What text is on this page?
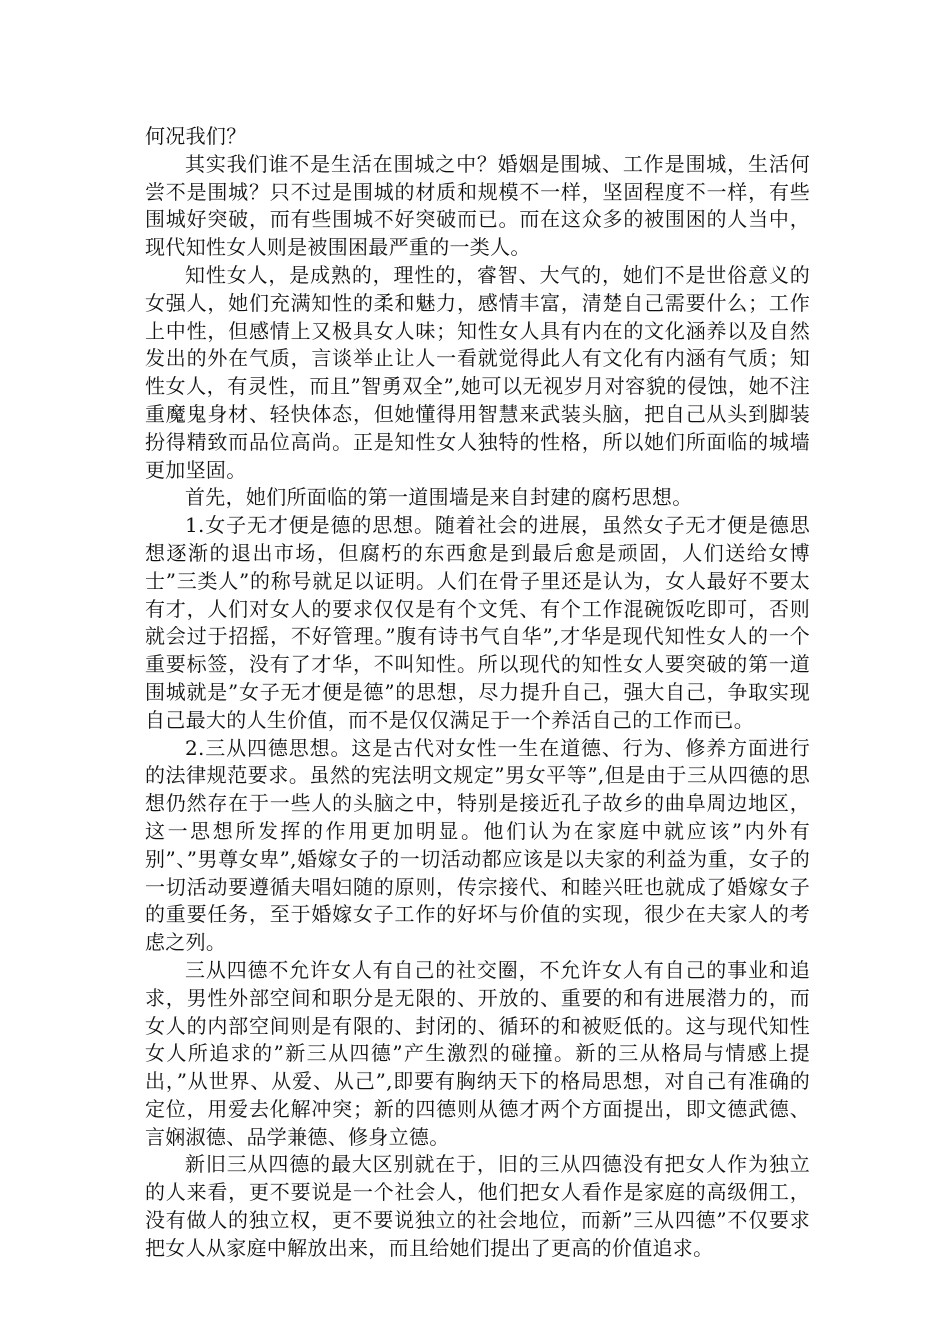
何况我们？

其实我们谁不是生活在围城之中？婚姻是围城、工作是围城，生活何尝不是围城？只不过是围城的材质和规模不一样，坚固程度不一样，有些围城好突破，而有些围城不好突破而已。而在这众多的被围困的人当中，现代知性女人则是被围困最严重的一类人。

知性女人，是成熟的，理性的，睿智、大气的，她们不是世俗意义的女强人，她们充满知性的柔和魅力，感情丰富，清楚自己需要什么；工作上中性，但感情上又极具女人味；知性女人具有内在的文化涵养以及自然发出的外在气质，言谈举止让人一看就觉得此人有文化有内涵有气质；知性女人，有灵性，而且”智勇双全”,她可以无视岁月对容貌的侵蚀，她不注重魔鬼身材、轻快体态，但她懂得用智慧来武装头脑，把自己从头到脚装扮得精致而品位高尚。正是知性女人独特的性格，所以她们所面临的城墙更加坚固。

首先，她们所面临的第一道围墙是来自封建的腐朽思想。

1.女子无才便是德的思想。随着社会的进展，虽然女子无才便是德思想逐渐的退出市场，但腐朽的东西愈是到最后愈是顽固，人们送给女博士”三类人”的称号就足以证明。人们在骨子里还是认为，女人最好不要太有才，人们对女人的要求仅仅是有个文凭、有个工作混碗饭吃即可，否则就会过于招摇，不好管理。”腹有诗书气自华”,才华是现代知性女人的一个重要标签，没有了才华，不叫知性。所以现代的知性女人要突破的第一道围城就是”女子无才便是德”的思想，尽力提升自己，强大自己，争取实现自己最大的人生价值，而不是仅仅满足于一个养活自己的工作而已。

2.三从四德思想。这是古代对女性一生在道德、行为、修养方面进行的法律规范要求。虽然的宪法明文规定”男女平等”,但是由于三从四德的思想仍然存在于一些人的头脑之中，特别是接近孔子故乡的曲阜周边地区，这一思想所发挥的作用更加明显。他们认为在家庭中就应该”内外有别”、”男尊女卑”,婚嫁女子的一切活动都应该是以夫家的利益为重，女子的一切活动要遵循夫唱妇随的原则，传宗接代、和睦兴旺也就成了婚嫁女子的重要任务，至于婚嫁女子工作的好坏与价值的实现，很少在夫家人的考虑之列。

三从四德不允许女人有自己的社交圈，不允许女人有自己的事业和追求，男性外部空间和职分是无限的、开放的、重要的和有进展潜力的，而女人的内部空间则是有限的、封闭的、循环的和被贬低的。这与现代知性女人所追求的”新三从四德”产生激烈的碰撞。新的三从格局与情感上提出，”从世界、从爱、从己”,即要有胸纳天下的格局思想，对自己有准确的定位，用爱去化解冲突；新的四德则从德才两个方面提出，即文德武德、言娴淑德、品学兼德、修身立德。

新旧三从四德的最大区别就在于，旧的三从四德没有把女人作为独立的人来看，更不要说是一个社会人，他们把女人看作是家庭的高级佣工，没有做人的独立权，更不要说独立的社会地位，而新”三从四德”不仅要求把女人从家庭中解放出来，而且给她们提出了更高的价值追求。
